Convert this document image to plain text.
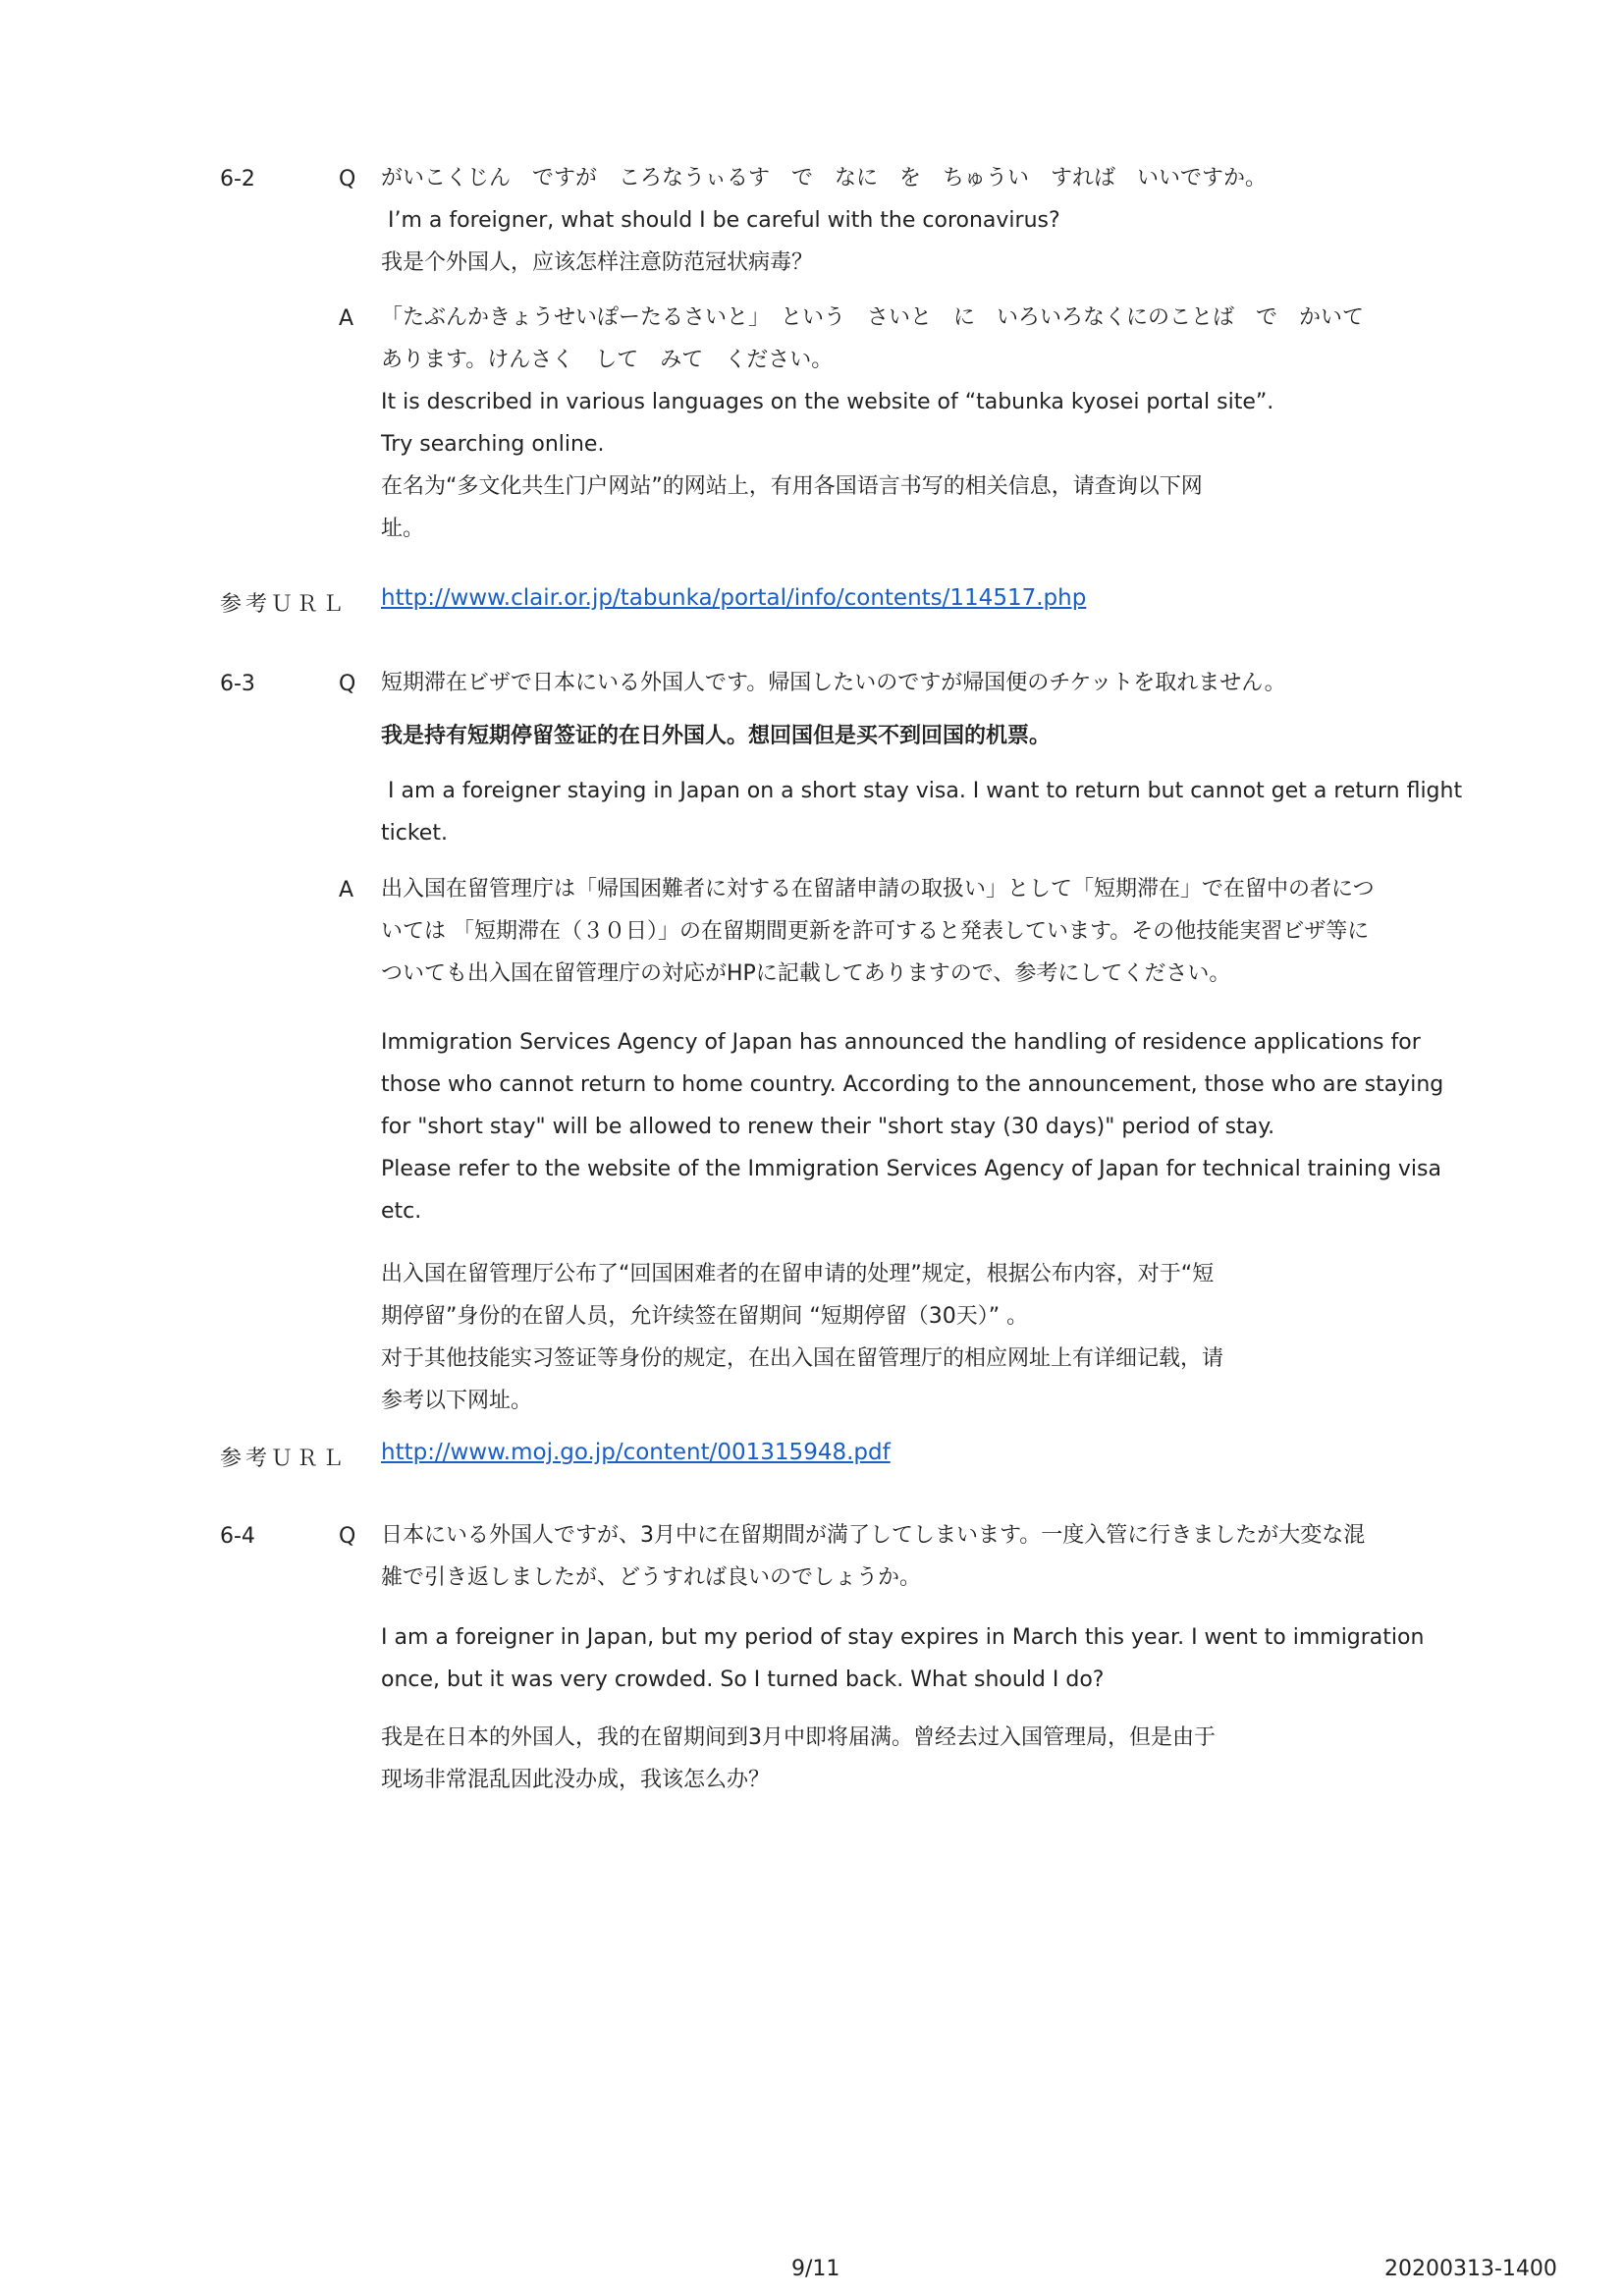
6-2	Q がいこくじん　ですが　ころなうぃるす　で　なに　を　ちゅうい　すれば　いいですか。

I’m a foreigner, what should I be careful with the coronavirus?

我是个外国人，应该怎样注意防范冠状病毒？

A 「たぶんかきょうせいぽーたるさいと」　という　さいと　に　いろいろなくにのことば　で　かいて

あります。けんさく　して　みて　ください。

It is described in various languages on the website of “tabunka kyosei portal site”.

Try searching online.

在名为“多文化共生门户网站”的网站上，有用各国语言书写的相关信息，请查询以下网

址。

参考ＵＲＬ http://www.clair.or.jp/tabunka/portal/info/contents/114517.php
6-3	Q 短期滞在ビザで日本にいる外国人です。帰国したいのですが帰国便のチケットを取れません。

我是持有短期停留签证的在日外国人。想回国但是买不到回国的机票。

I am a foreigner staying in Japan on a short stay visa. I want to return but cannot get a return flight

ticket.

A 出入国在留管理庁は「帰国困難者に対する在留諸申請の取扱い」として「短期滞在」で在留中の者につ

いては 「短期滞在（３０日）」の在留期間更新を許可すると発表しています。その他技能実習ビザ等に

ついても出入国在留管理庁の対応がHPに記載してありますので、参考にしてください。

Immigration Services Agency of Japan has announced the handling of residence applications for

those who cannot return to home country. According to the announcement, those who are staying

for "short stay" will be allowed to renew their "short stay (30 days)" period of stay.

Please refer to the website of the Immigration Services Agency of Japan for technical training visa

etc.

出入国在留管理厅公布了“回国困难者的在留申请的处理”规定，根据公布内容，对于“短

期停留”身份的在留人员，允许续签在留期间 “短期停留（30天）” 。

对于其他技能实习签证等身份的规定，在出入国在留管理厅的相应网址上有详细记载，请

参考以下网址。

参考ＵＲＬ http://www.moj.go.jp/content/001315948.pdf
6-4	Q 日本にいる外国人ですが、3月中に在留期間が満了してしまいます。一度入管に行きましたが大変な混

雑で引き返しましたが、どうすれば良いのでしょうか。

I am a foreigner in Japan, but my period of stay expires in March this year. I went to immigration

once, but it was very crowded. So I turned back. What should I do?

我是在日本的外国人，我的在留期间到3月中即将届满。曾经去过入国管理局，但是由于

现场非常混乱因此没办成，我该怎么办？

9/11	20200313-1400
